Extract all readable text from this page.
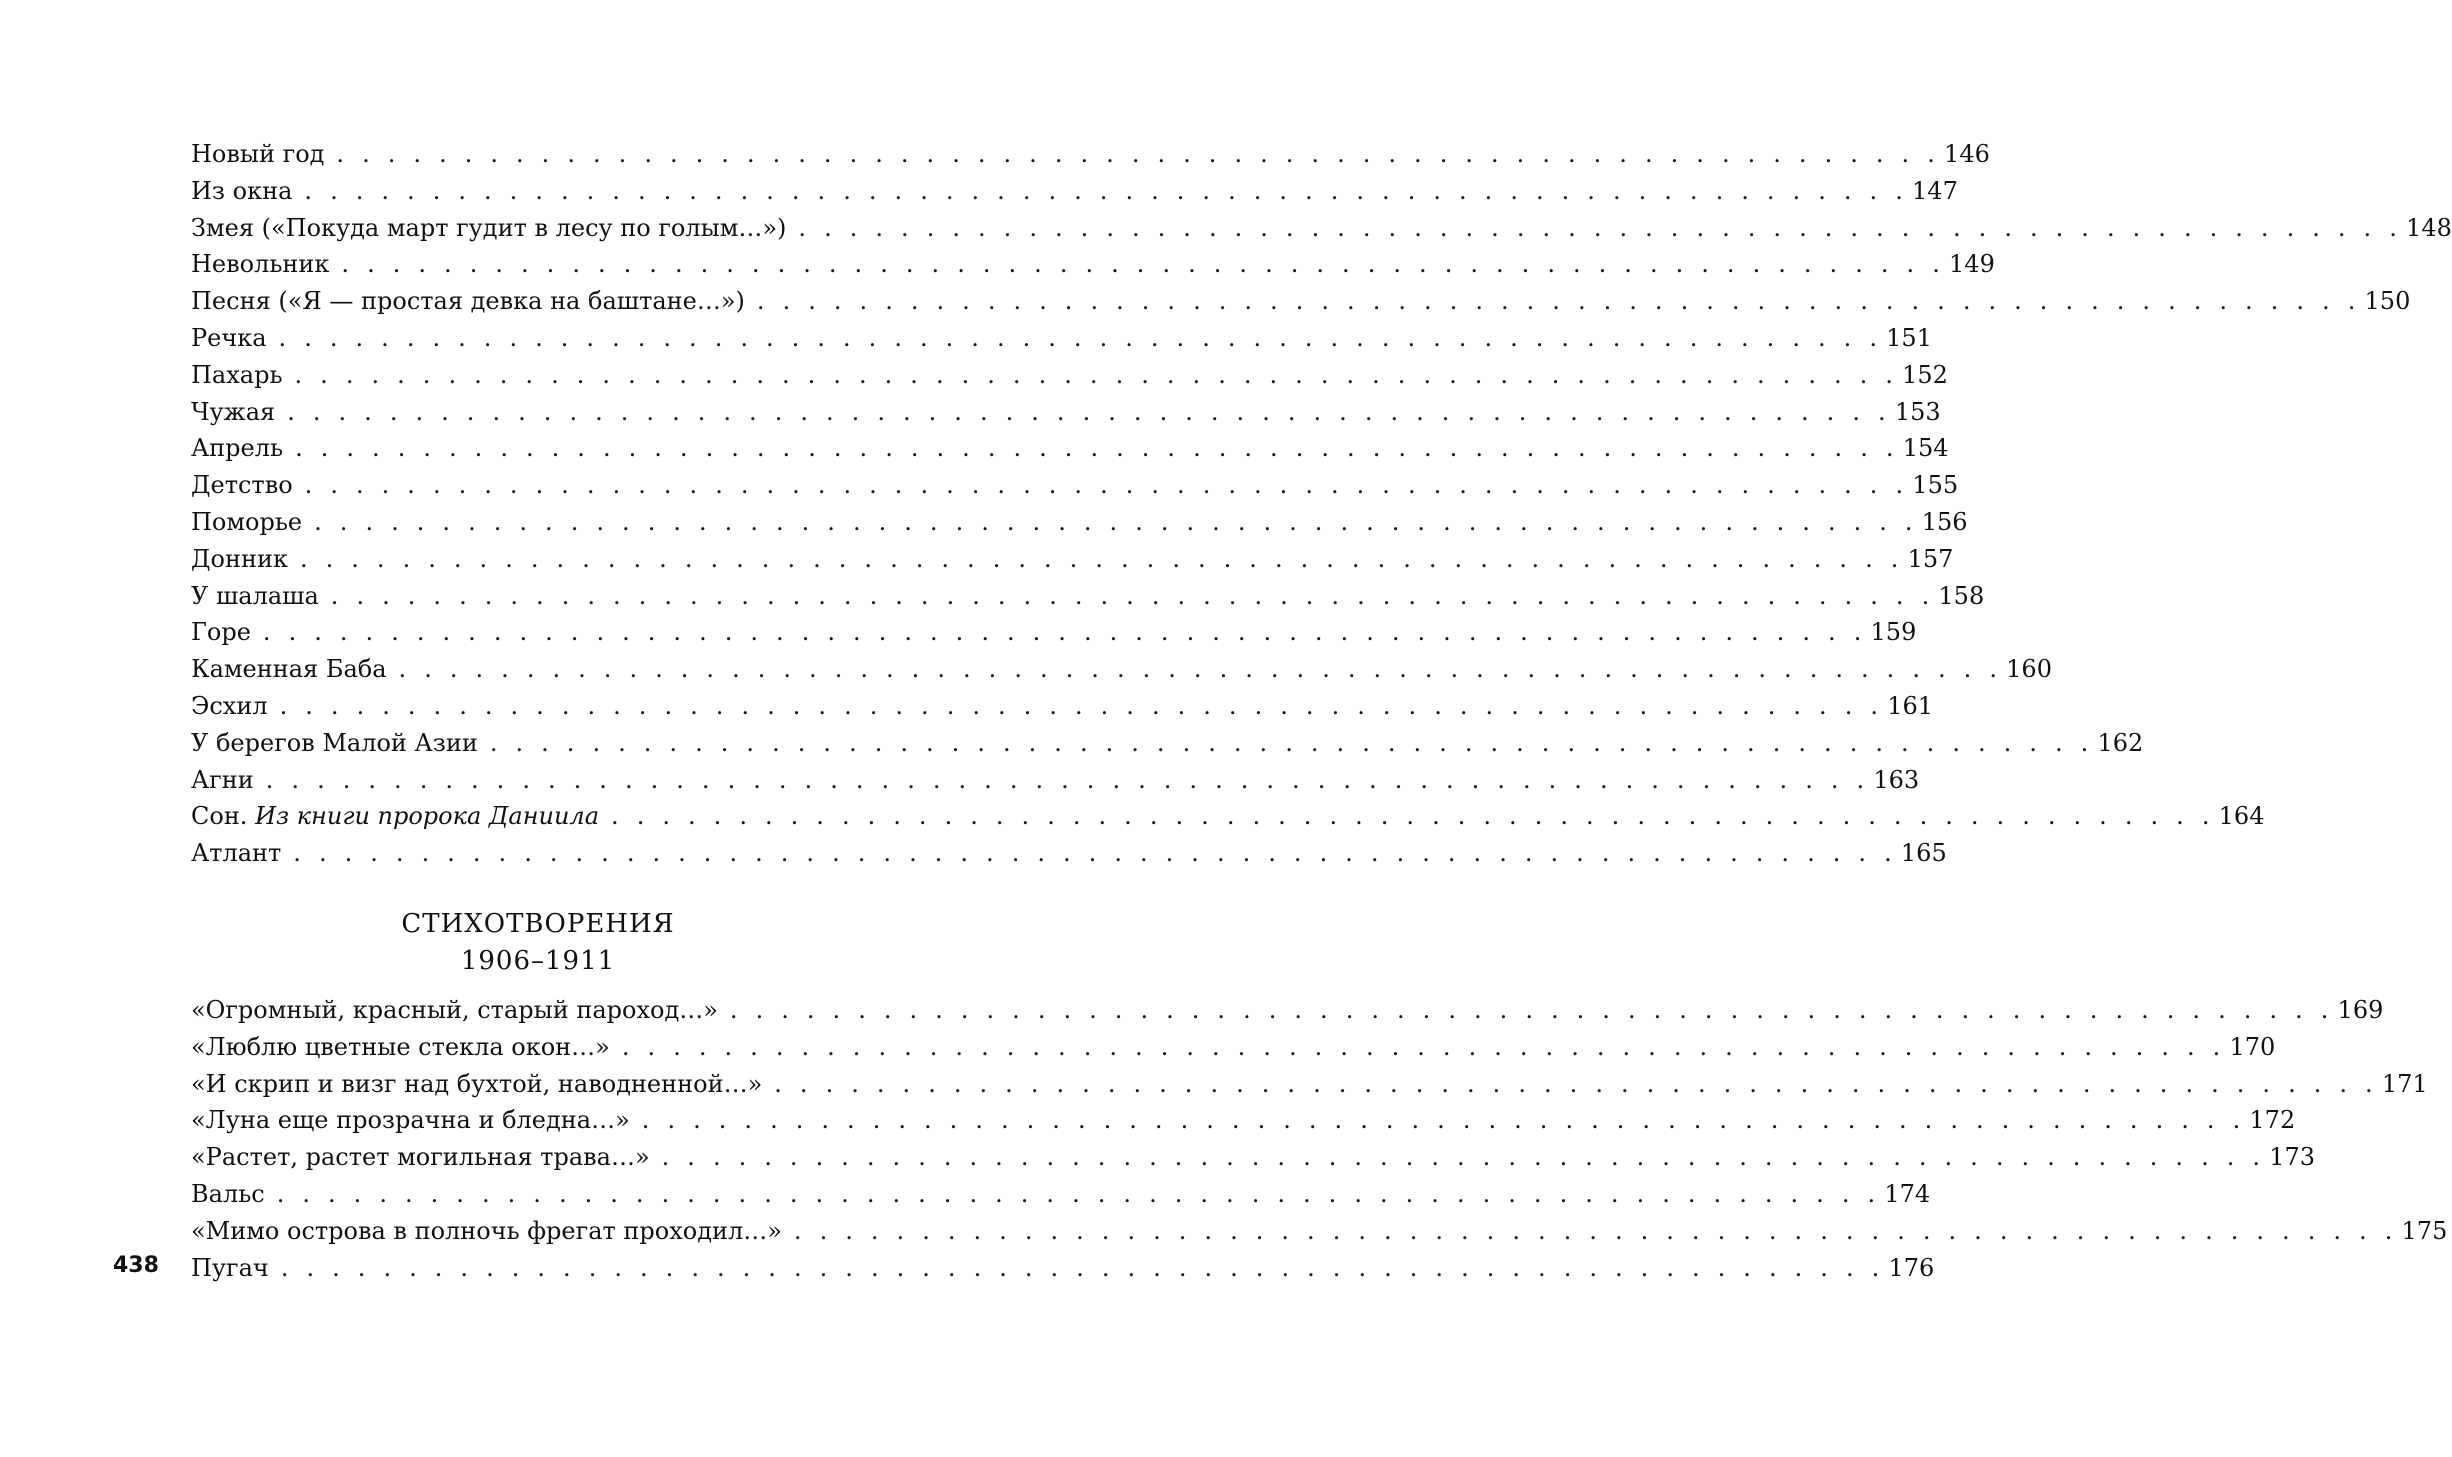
Новый год . . . . . . . . . . . . . . . . . . . . . . . . . . . . . . . . . . . . . . . . . . . . . . . . . . . . . . . . . . . . . . . 146
Из окна . . . . . . . . . . . . . . . . . . . . . . . . . . . . . . . . . . . . . . . . . . . . . . . . . . . . . . . . . . . . . . . 147
Змея («Покуда март гудит в лесу по голым…») . . . . . . . . . . . . . . . . . . . . . . . . . . . . . . . . . . . . . . . . . . . . . . . . . . . . . . . . . . . . . . . 148
Невольник . . . . . . . . . . . . . . . . . . . . . . . . . . . . . . . . . . . . . . . . . . . . . . . . . . . . . . . . . . . . . . . 149
Песня («Я — простая девка на баштане…») . . . . . . . . . . . . . . . . . . . . . . . . . . . . . . . . . . . . . . . . . . . . . . . . . . . . . . . . . . . . . . . 150
Речка . . . . . . . . . . . . . . . . . . . . . . . . . . . . . . . . . . . . . . . . . . . . . . . . . . . . . . . . . . . . . . . 151
Пахарь . . . . . . . . . . . . . . . . . . . . . . . . . . . . . . . . . . . . . . . . . . . . . . . . . . . . . . . . . . . . . . . 152
Чужая . . . . . . . . . . . . . . . . . . . . . . . . . . . . . . . . . . . . . . . . . . . . . . . . . . . . . . . . . . . . . . . 153
Апрель . . . . . . . . . . . . . . . . . . . . . . . . . . . . . . . . . . . . . . . . . . . . . . . . . . . . . . . . . . . . . . . 154
Детство . . . . . . . . . . . . . . . . . . . . . . . . . . . . . . . . . . . . . . . . . . . . . . . . . . . . . . . . . . . . . . . 155
Поморье . . . . . . . . . . . . . . . . . . . . . . . . . . . . . . . . . . . . . . . . . . . . . . . . . . . . . . . . . . . . . . . 156
Донник . . . . . . . . . . . . . . . . . . . . . . . . . . . . . . . . . . . . . . . . . . . . . . . . . . . . . . . . . . . . . . . 157
У шалаша . . . . . . . . . . . . . . . . . . . . . . . . . . . . . . . . . . . . . . . . . . . . . . . . . . . . . . . . . . . . . . . 158
Горе . . . . . . . . . . . . . . . . . . . . . . . . . . . . . . . . . . . . . . . . . . . . . . . . . . . . . . . . . . . . . . . 159
Каменная Баба . . . . . . . . . . . . . . . . . . . . . . . . . . . . . . . . . . . . . . . . . . . . . . . . . . . . . . . . . . . . . . . 160
Эсхил . . . . . . . . . . . . . . . . . . . . . . . . . . . . . . . . . . . . . . . . . . . . . . . . . . . . . . . . . . . . . . . 161
У берегов Малой Азии . . . . . . . . . . . . . . . . . . . . . . . . . . . . . . . . . . . . . . . . . . . . . . . . . . . . . . . . . . . . . . . 162
Агни . . . . . . . . . . . . . . . . . . . . . . . . . . . . . . . . . . . . . . . . . . . . . . . . . . . . . . . . . . . . . . . 163
Сон. Из книги пророка Даниила . . . . . . . . . . . . . . . . . . . . . . . . . . . . . . . . . . . . . . . . . . . . . . . . . . . . . . . . . . . . . . . 164
Атлант . . . . . . . . . . . . . . . . . . . . . . . . . . . . . . . . . . . . . . . . . . . . . . . . . . . . . . . . . . . . . . . 165
СТИХОТВОРЕНИЯ
1906–1911
«Огромный, красный, старый пароход…» . . . . . . . . . . . . . . . . . . . . . . . . . . . . . . . . . . . . . . . . . . . . . . . . . . . . . . . . . . . . . . . 169
«Люблю цветные стекла окон…» . . . . . . . . . . . . . . . . . . . . . . . . . . . . . . . . . . . . . . . . . . . . . . . . . . . . . . . . . . . . . . . 170
«И скрип и визг над бухтой, наводненной…» . . . . . . . . . . . . . . . . . . . . . . . . . . . . . . . . . . . . . . . . . . . . . . . . . . . . . . . . . . . . . . . 171
«Луна еще прозрачна и бледна…» . . . . . . . . . . . . . . . . . . . . . . . . . . . . . . . . . . . . . . . . . . . . . . . . . . . . . . . . . . . . . . . 172
«Растет, растет могильная трава…» . . . . . . . . . . . . . . . . . . . . . . . . . . . . . . . . . . . . . . . . . . . . . . . . . . . . . . . . . . . . . . . 173
Вальс . . . . . . . . . . . . . . . . . . . . . . . . . . . . . . . . . . . . . . . . . . . . . . . . . . . . . . . . . . . . . . . 174
«Мимо острова в полночь фрегат проходил…» . . . . . . . . . . . . . . . . . . . . . . . . . . . . . . . . . . . . . . . . . . . . . . . . . . . . . . . . . . . . . . . 175
Пугач . . . . . . . . . . . . . . . . . . . . . . . . . . . . . . . . . . . . . . . . . . . . . . . . . . . . . . . . . . . . . . . 176
438
